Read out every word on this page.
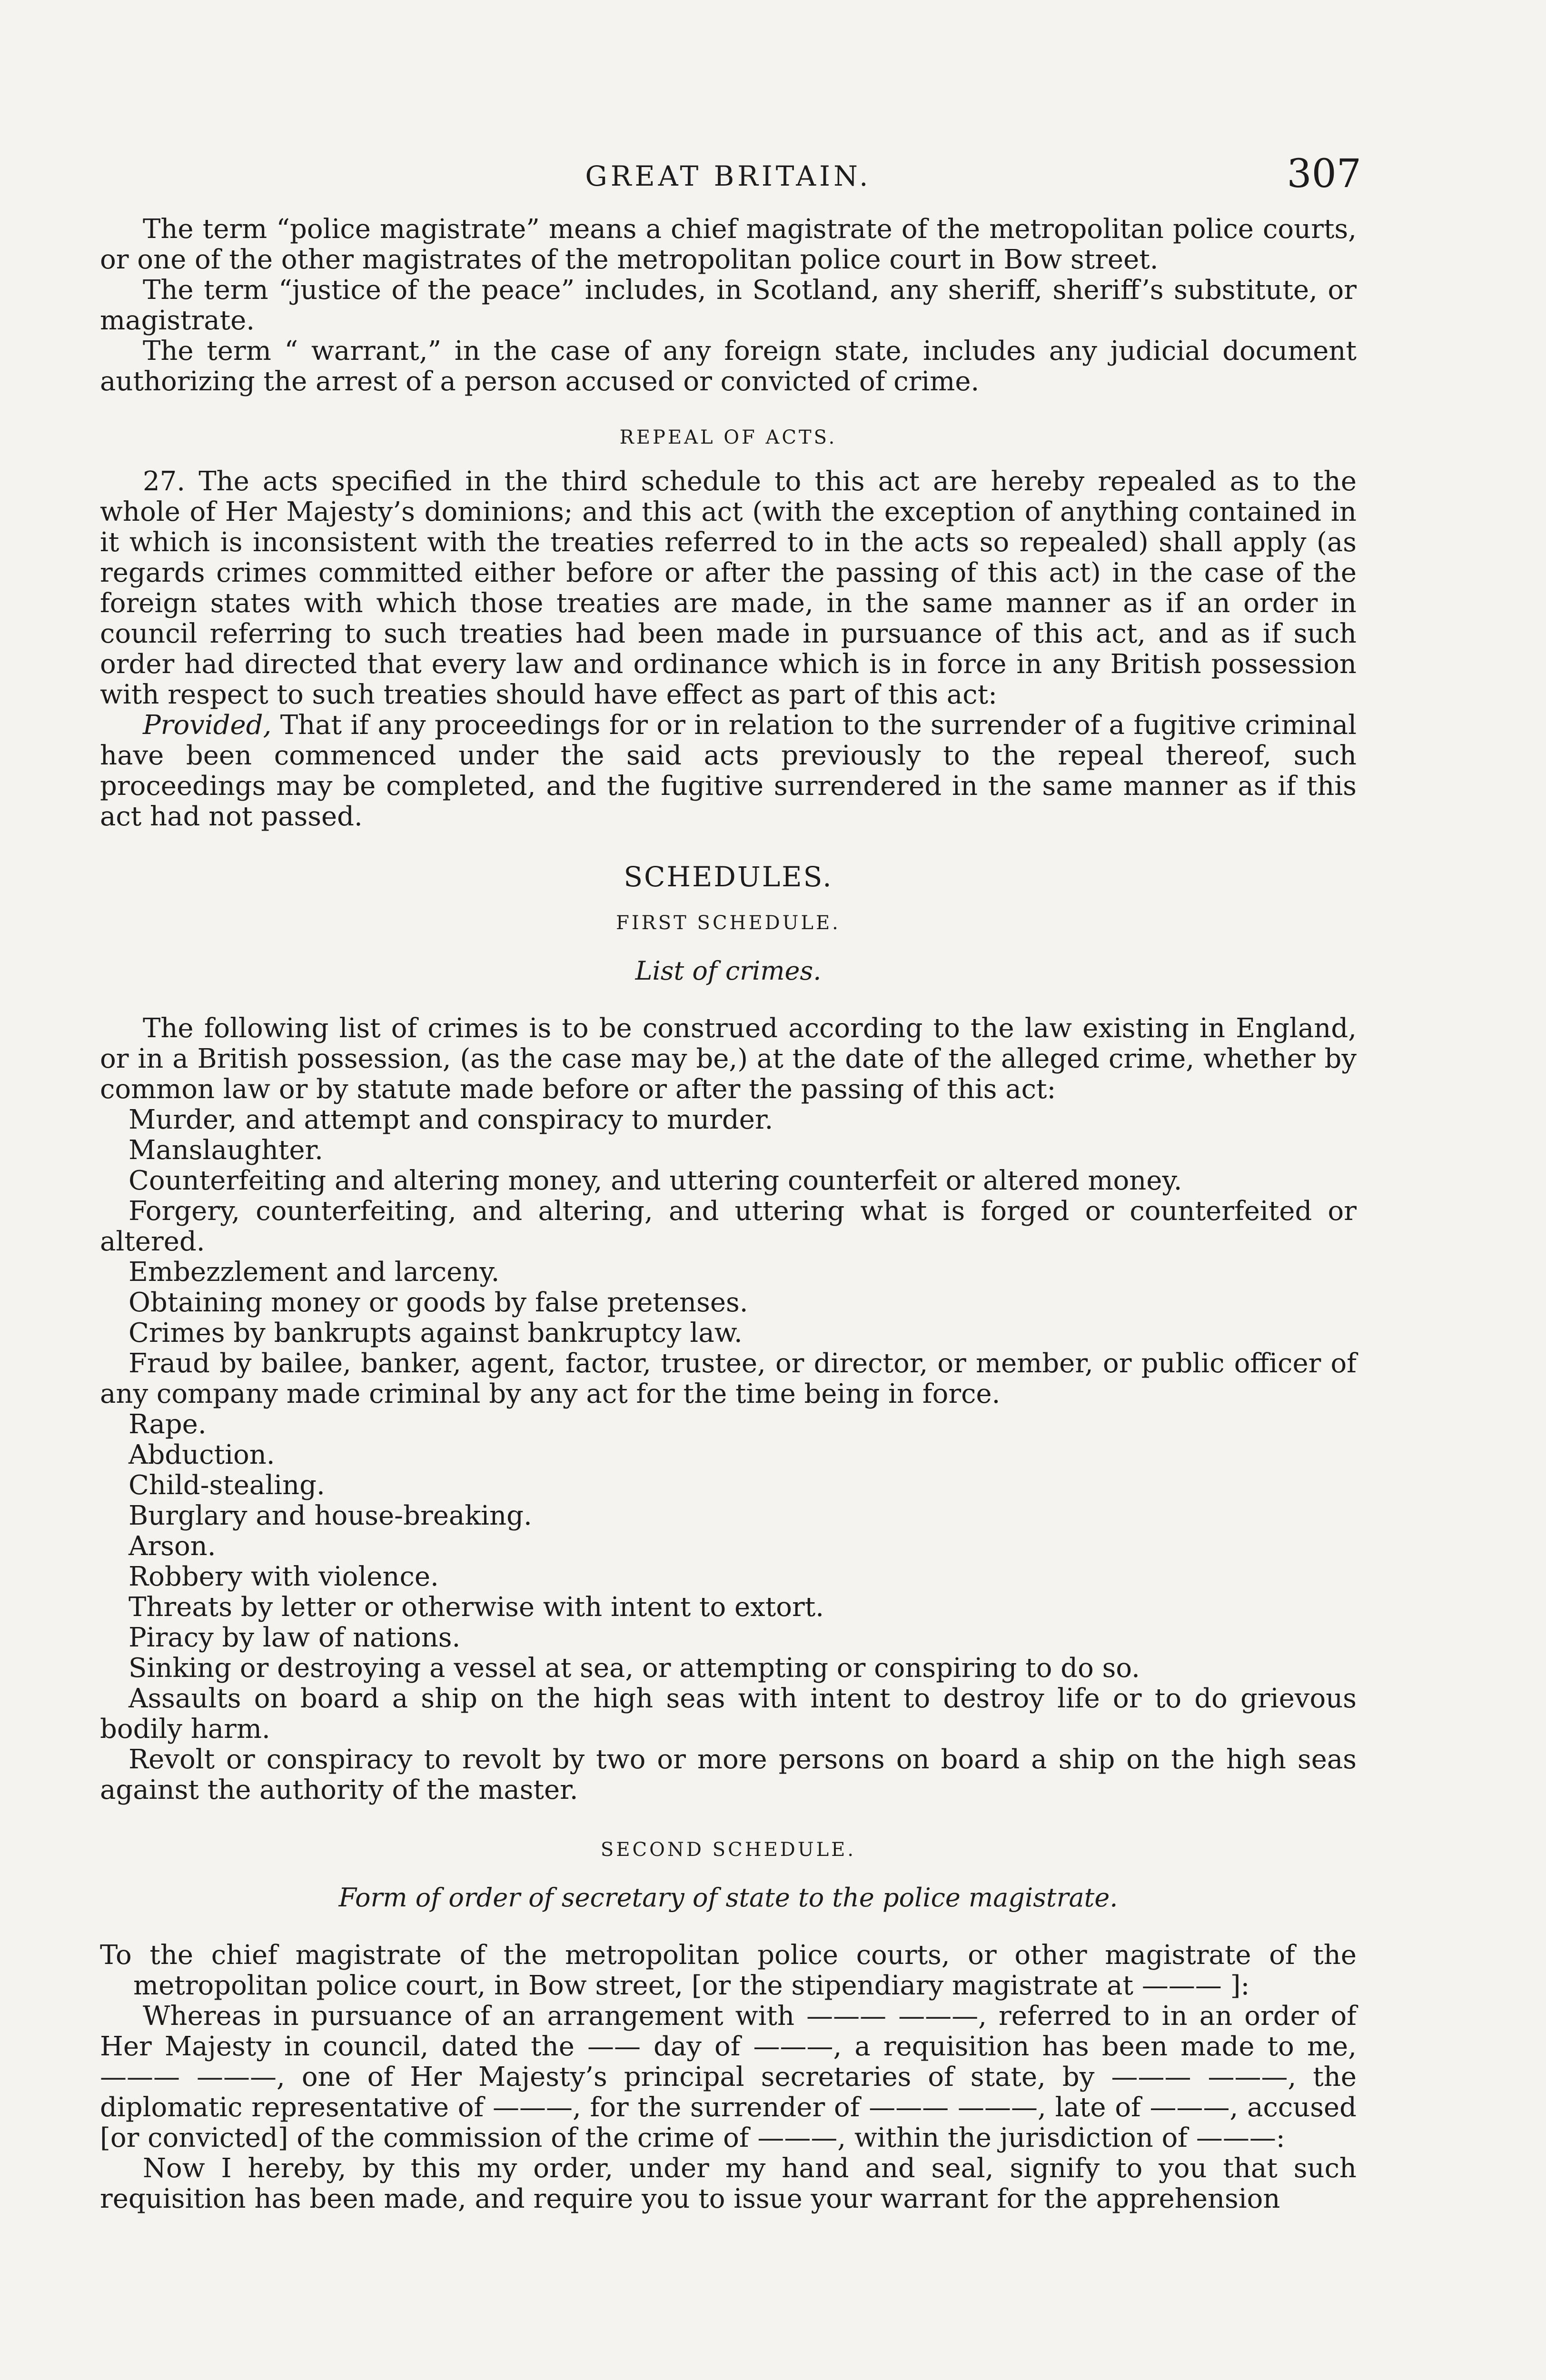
GREAT BRITAIN.	307

The term “police magistrate” means a chief magistrate of the metropolitan police courts, or one of the other magistrates of the metropolitan police court in Bow street.

The term “justice of the peace” includes, in Scotland, any sheriff, sheriff’s substitute, or magistrate.

The term “ warrant,” in the case of any foreign state, includes any judicial document authorizing the arrest of a person accused or convicted of crime.

REPEAL OF ACTS.

27. The acts specified in the third schedule to this act are hereby repealed as to the whole of Her Majesty’s dominions; and this act (with the exception of anything contained in it which is inconsistent with the treaties referred to in the acts so repealed) shall apply (as regards crimes committed either before or after the passing of this act) in the case of the foreign states with which those treaties are made, in the same manner as if an order in council referring to such treaties had been made in pursuance of this act, and as if such order had directed that every law and ordinance which is in force in any British possession with respect to such treaties should have effect as part of this act:

Provided, That if any proceedings for or in relation to the surrender of a fugitive criminal have been commenced under the said acts previously to the repeal thereof, such proceedings may be completed, and the fugitive surrendered in the same manner as if this act had not passed.

SCHEDULES.
FIRST SCHEDULE.
List of crimes.

The following list of crimes is to be construed according to the law existing in England, or in a British possession, (as the case may be,) at the date of the alleged crime, whether by common law or by statute made before or after the passing of this act:

Murder, and attempt and conspiracy to murder.

Manslaughter.

Counterfeiting and altering money, and uttering counterfeit or altered money.

Forgery, counterfeiting, and altering, and uttering what is forged or counterfeited or altered.

Embezzlement and larceny.

Obtaining money or goods by false pretenses.

Crimes by bankrupts against bankruptcy law.

Fraud by bailee, banker, agent, factor, trustee, or director, or member, or public officer of any company made criminal by any act for the time being in force.

Rape.

Abduction.

Child-stealing.

Burglary and house-breaking.

Arson.

Robbery with violence.

Threats by letter or otherwise with intent to extort.

Piracy by law of nations.

Sinking or destroying a vessel at sea, or attempting or conspiring to do so.

Assaults on board a ship on the high seas with intent to destroy life or to do grievous bodily harm.

Revolt or conspiracy to revolt by two or more persons on board a ship on the high seas against the authority of the master.

SECOND SCHEDULE.
Form of order of secretary of state to the police magistrate.

To the chief magistrate of the metropolitan police courts, or other magistrate of the metropolitan police court, in Bow street, [or the stipendiary magistrate at ——— ]:

Whereas in pursuance of an arrangement with ——— ———, referred to in an order of Her Majesty in council, dated the —— day of ———, a requisition has been made to me, ——— ———, one of Her Majesty’s principal secretaries of state, by ——— ———, the diplomatic representative of ———, for the surrender of ——— ———, late of ———, accused [or convicted] of the commission of the crime of ———, within the jurisdiction of ———:

Now I hereby, by this my order, under my hand and seal, signify to you that such requisition has been made, and require you to issue your warrant for the apprehension
